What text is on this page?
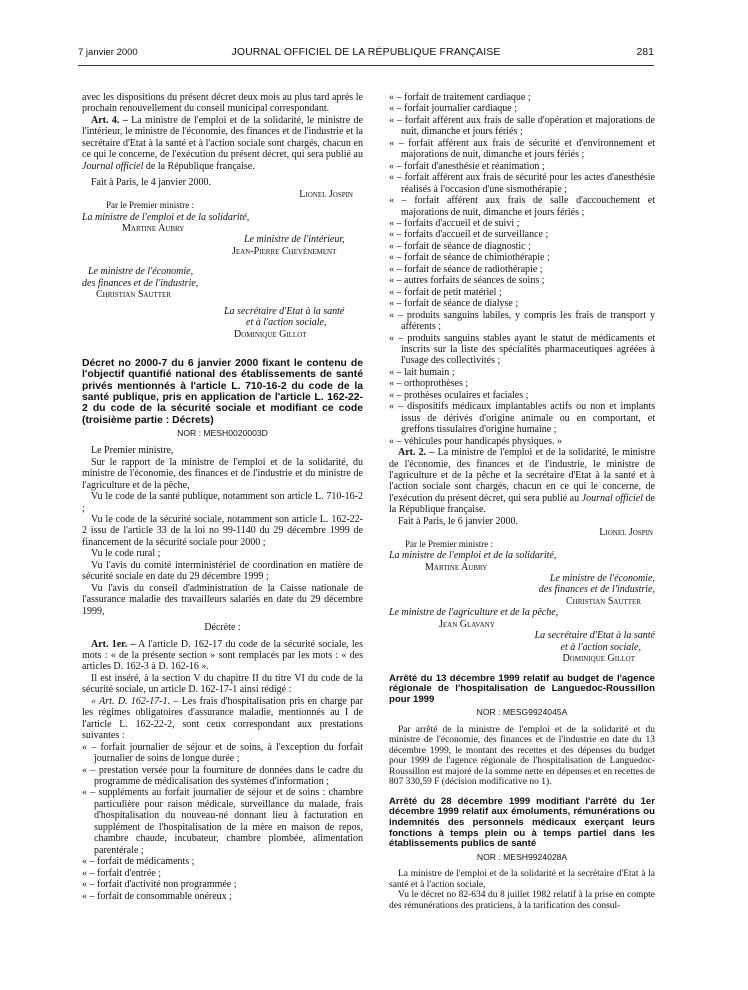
7 janvier 2000	JOURNAL OFFICIEL DE LA RÉPUBLIQUE FRANÇAISE	281

avec les dispositions du présent décret deux mois au plus tard après le prochain renouvellement du conseil municipal correspondant.

Art. 4. – La ministre de l'emploi et de la solidarité, le ministre de l'intérieur, le ministre de l'économie, des finances et de l'industrie et la secrétaire d'Etat à la santé et à l'action sociale sont chargés, chacun en ce qui le concerne, de l'exécution du présent décret, qui sera publié au Journal officiel de la République française.

Fait à Paris, le 4 janvier 2000.

Lionel Jospin

Par le Premier ministre :

La ministre de l'emploi et de la solidarité,

Martine Aubry

Le ministre de l'intérieur,

Jean-Pierre Chevènement

Le ministre de l'économie,

des finances et de l'industrie,

Christian Sautter

La secrétaire d'Etat à la santé

et à l'action sociale,

Dominique Gillot

Décret no 2000-7 du 6 janvier 2000 fixant le contenu de l'objectif quantifié national des établissements de santé privés mentionnés à l'article L. 710-16-2 du code de la santé publique, pris en application de l'article L. 162-22-2 du code de la sécurité sociale et modifiant ce code (troisième partie : Décrets)

NOR : MESH0020003D

Le Premier ministre,

Sur le rapport de la ministre de l'emploi et de la solidarité, du ministre de l'économie, des finances et de l'industrie et du ministre de l'agriculture et de la pêche,

Vu le code de la santé publique, notamment son article L. 710-16-2 ;

Vu le code de la sécurité sociale, notamment son article L. 162-22-2 issu de l'article 33 de la loi no 99-1140 du 29 décembre 1999 de financement de la sécurité sociale pour 2000 ;

Vu le code rural ;

Vu l'avis du comité interministériel de coordination en matière de sécurité sociale en date du 29 décembre 1999 ;

Vu l'avis du conseil d'administration de la Caisse nationale de l'assurance maladie des travailleurs salariés en date du 29 décembre 1999,

Décrète :

Art. 1er. – A l'article D. 162-17 du code de la sécurité sociale, les mots : « de la présente section » sont remplacés par les mots : « des articles D. 162-3 à D. 162-16 ».

Il est inséré, à la section V du chapitre II du titre VI du code de la sécurité sociale, un article D. 162-17-1 ainsi rédigé :

« Art. D. 162-17-1. – Les frais d'hospitalisation pris en charge par les régimes obligatoires d'assurance maladie, mentionnés au I de l'article L. 162-22-2, sont ceux correspondant aux prestations suivantes :

« – forfait journalier de séjour et de soins, à l'exception du forfait journalier de soins de longue durée ;

« – prestation versée pour la fourniture de données dans le cadre du programme de médicalisation des systèmes d'information ;

« – suppléments au forfait journalier de séjour et de soins : chambre particulière pour raison médicale, surveillance du malade, frais d'hospitalisation du nouveau-né donnant lieu à facturation en supplément de l'hospitalisation de la mère en maison de repos, chambre chaude, incubateur, chambre plombée, alimentation parentérale ;

« – forfait de médicaments ;

« – forfait d'entrée ;

« – forfait d'activité non programmée ;

« – forfait de consommable onéreux ;

« – forfait de traitement cardiaque ;

« – forfait journalier cardiaque ;

« – forfait afférent aux frais de salle d'opération et majorations de nuit, dimanche et jours fériés ;

« – forfait afférent aux frais de sécurité et d'environnement et majorations de nuit, dimanche et jours fériés ;

« – forfait d'anesthésie et réanimation ;

« – forfait afférent aux frais de sécurité pour les actes d'anesthésie réalisés à l'occasion d'une sismothérapie ;

« – forfait afférent aux frais de salle d'accouchement et majorations de nuit, dimanche et jours fériés ;

« – forfaits d'accueil et de suivi ;

« – forfaits d'accueil et de surveillance ;

« – forfait de séance de diagnostic ;

« – forfait de séance de chimiothérapie ;

« – forfait de séance de radiothérapie ;

« – autres forfaits de séances de soins ;

« – forfait de petit matériel ;

« – forfait de séance de dialyse ;

« – produits sanguins labiles, y compris les frais de transport y afférents ;

« – produits sanguins stables ayant le statut de médicaments et inscrits sur la liste des spécialités pharmaceutiques agréées à l'usage des collectivités ;

« – lait humain ;

« – orthoprothèses ;

« – prothèses oculaires et faciales ;

« – dispositifs médicaux implantables actifs ou non et implants issus de dérivés d'origine animale ou en comportant, et greffons tissulaires d'origine humaine ;

« – véhicules pour handicapés physiques. »

Art. 2. – La ministre de l'emploi et de la solidarité, le ministre de l'économie, des finances et de l'industrie, le ministre de l'agriculture et de la pêche et la secrétaire d'Etat à la santé et à l'action sociale sont chargés, chacun en ce qui le concerne, de l'exécution du présent décret, qui sera publié au Journal officiel de la République française.

Fait à Paris, le 6 janvier 2000.

Lionel Jospin

Par le Premier ministre :

La ministre de l'emploi et de la solidarité,

Martine Aubry

Le ministre de l'économie,

des finances et de l'industrie,

Christian Sautter

Le ministre de l'agriculture et de la pêche,

Jean Glavany

La secrétaire d'Etat à la santé

et à l'action sociale,

Dominique Gillot

Arrêté du 13 décembre 1999 relatif au budget de l'agence régionale de l'hospitalisation de Languedoc-Roussillon pour 1999

NOR : MESG9924045A

Par arrêté de la ministre de l'emploi et de la solidarité et du ministre de l'économie, des finances et de l'industrie en date du 13 décembre 1999, le montant des recettes et des dépenses du budget pour 1999 de l'agence régionale de l'hospitalisation de Languedoc-Roussillon est majoré de la somme nette en dépenses et en recettes de 807 330,59 F (décision modificative no 1).

Arrêté du 28 décembre 1999 modifiant l'arrêté du 1er décembre 1999 relatif aux émoluments, rémunérations ou indemnités des personnels médicaux exerçant leurs fonctions à temps plein ou à temps partiel dans les établissements publics de santé

NOR : MESH9924028A

La ministre de l'emploi et de la solidarité et la secrétaire d'Etat à la santé et à l'action sociale,

Vu le décret no 82-634 du 8 juillet 1982 relatif à la prise en compte des rémunérations des praticiens, à la tarification des consul-
